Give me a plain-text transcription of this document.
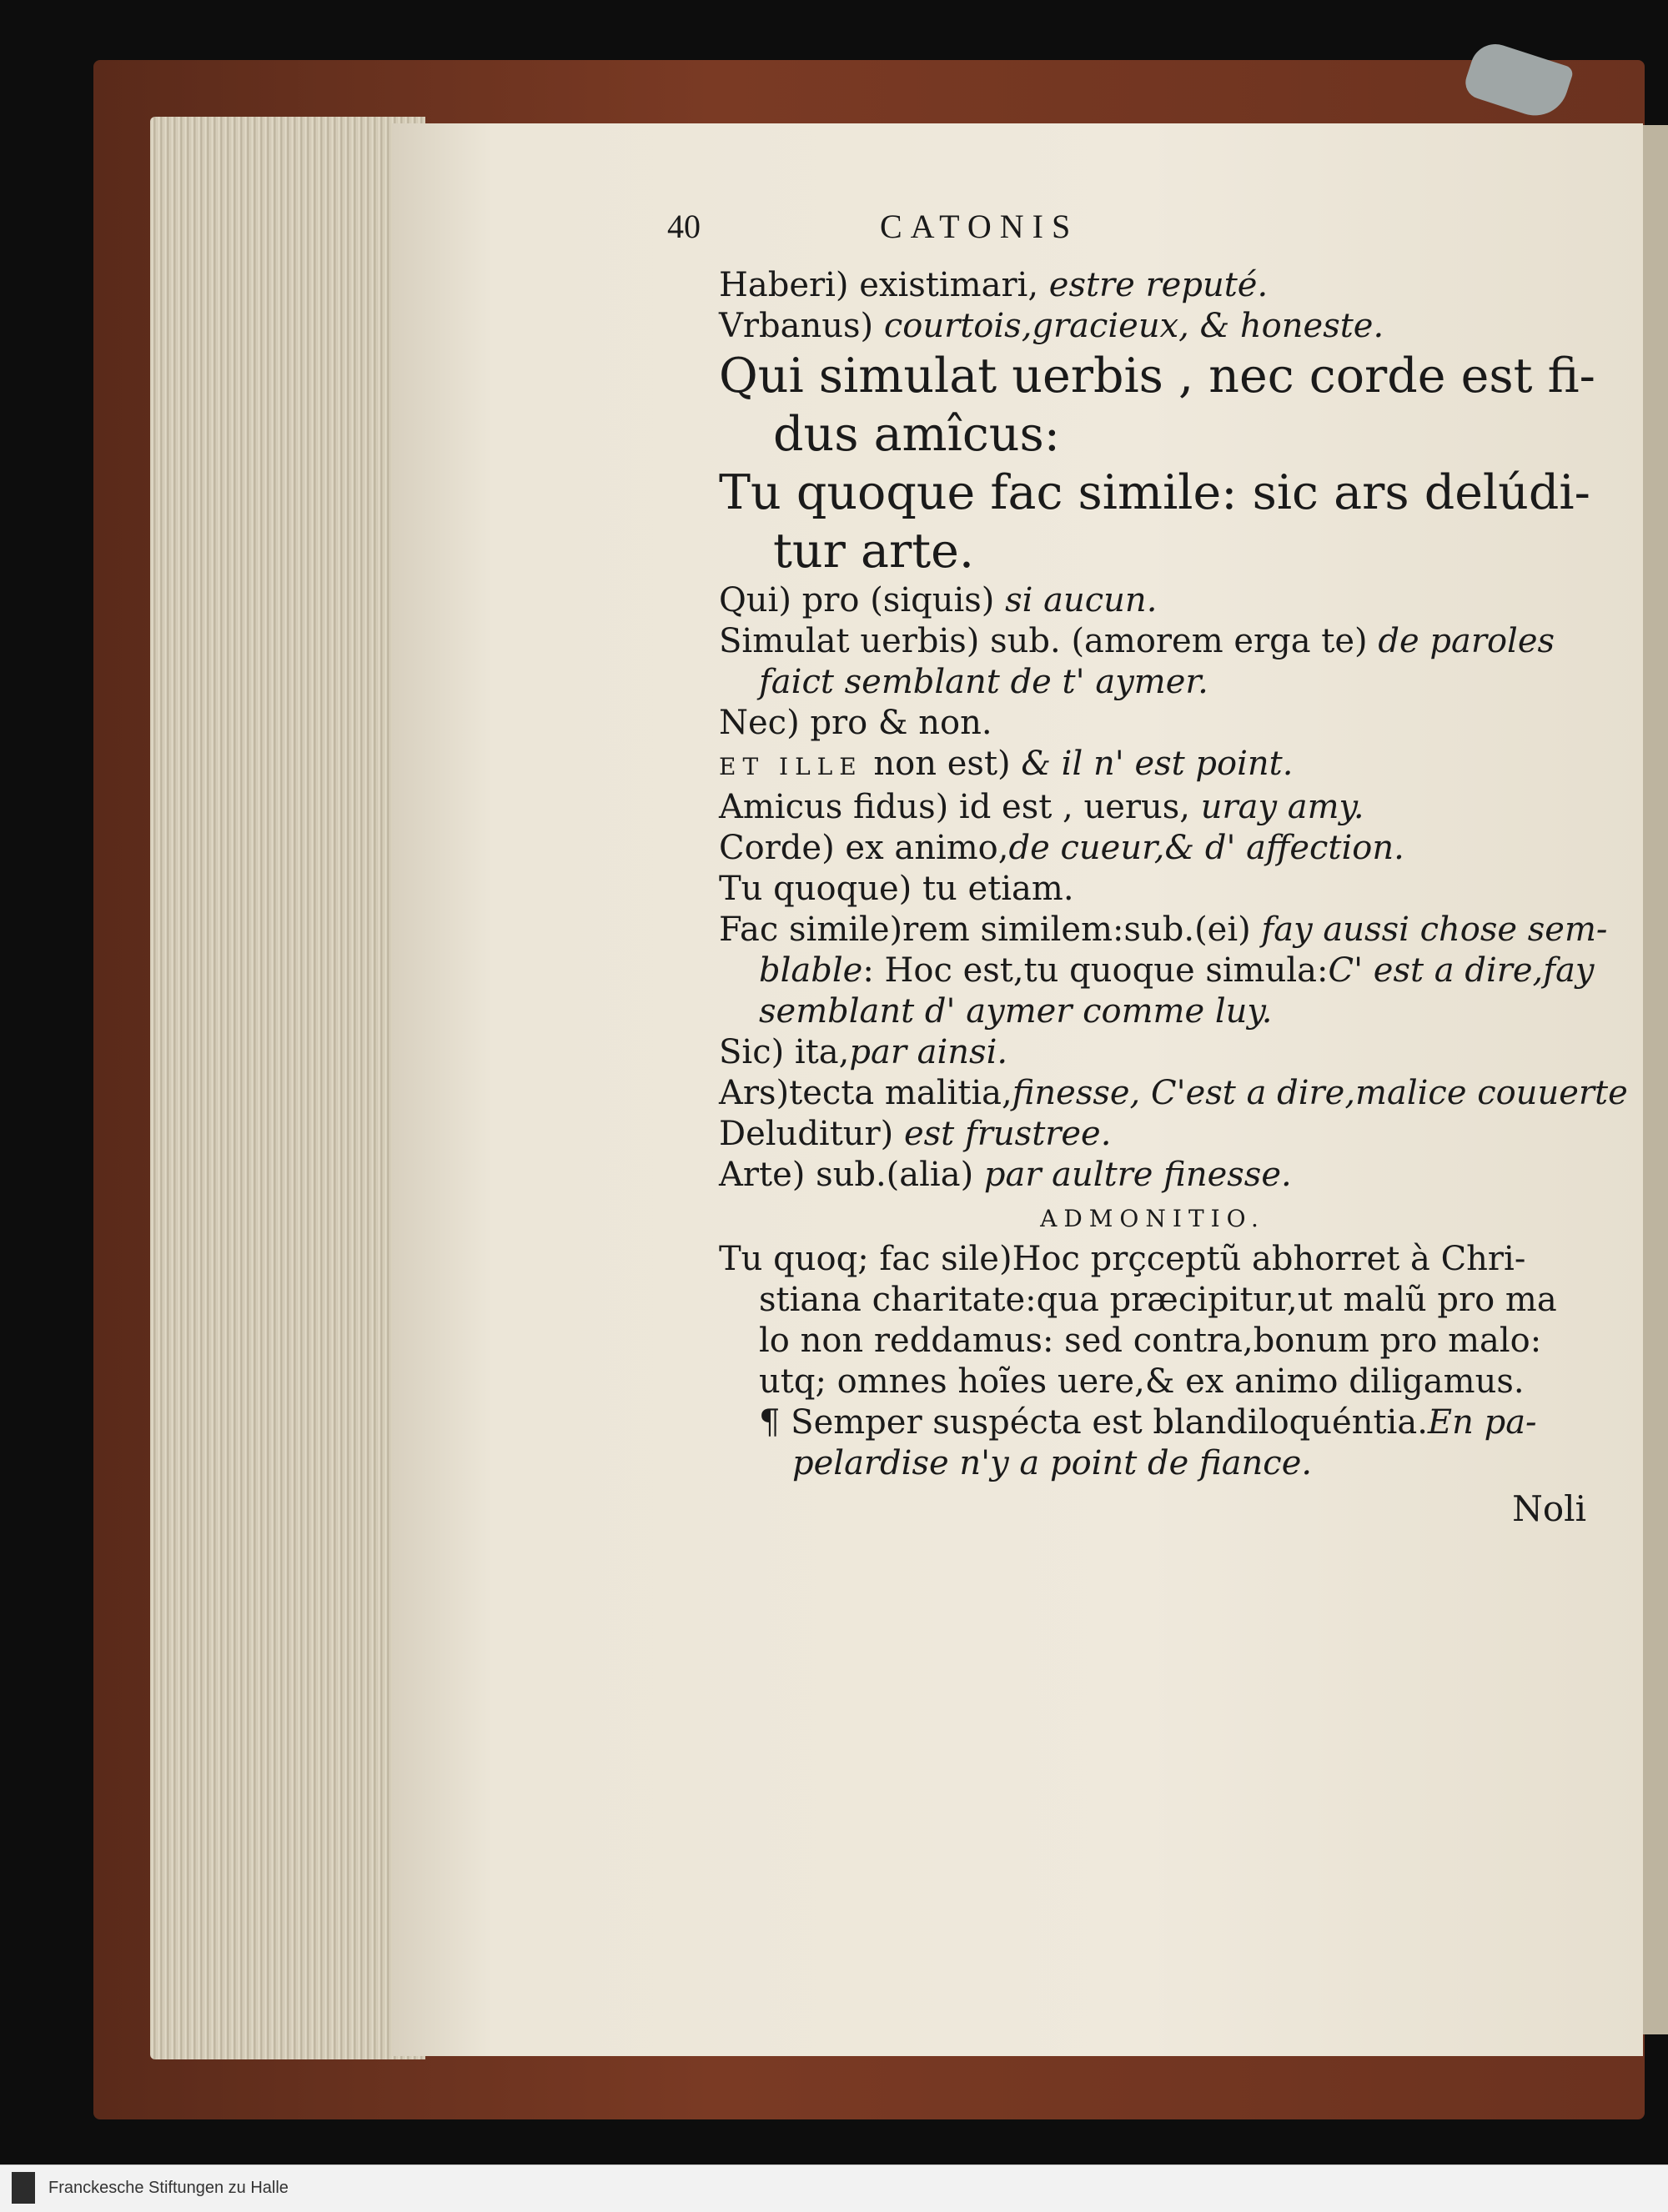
40	CATONIS
Haberi) existimari, estre reputé.
Vrbanus) courtois,gracieux, & honeste.
Qui simulat uerbis , nec corde est fi-
dus amîcus:
Tu quoque fac simile: sic ars delúdi-
tur arte.
Qui) pro (siquis) si aucun.
Simulat uerbis) sub. (amorem erga te) de paroles
faict semblant de t' aymer.
Nec) pro & non.
ET ILLE non est) & il n' est point.
Amicus fidus) id est , uerus, uray amy.
Corde) ex animo,de cueur,& d' affection.
Tu quoque) tu etiam.
Fac simile)rem similem:sub.(ei) fay aussi chose sem-
blable: Hoc est,tu quoque simula:C' est a dire,fay
semblant d' aymer comme luy.
Sic) ita,par ainsi.
Ars)tecta malitia,finesse, C'est a dire,malice couuerte
Deluditur) est frustree.
Arte) sub.(alia) par aultre finesse.
ADMONITIO.
Tu quoq; fac sile)Hoc prçceptũ abhorret à Chri-
stiana charitate:qua præcipitur,ut malũ pro ma
lo non reddamus: sed contra,bonum pro malo:
utq; omnes hoĩes uere,& ex animo diligamus.
¶ Semper suspécta est blandiloquéntia.En pa-
pelardise n'y a point de fiance.
Noli
Franckesche Stiftungen zu Halle
